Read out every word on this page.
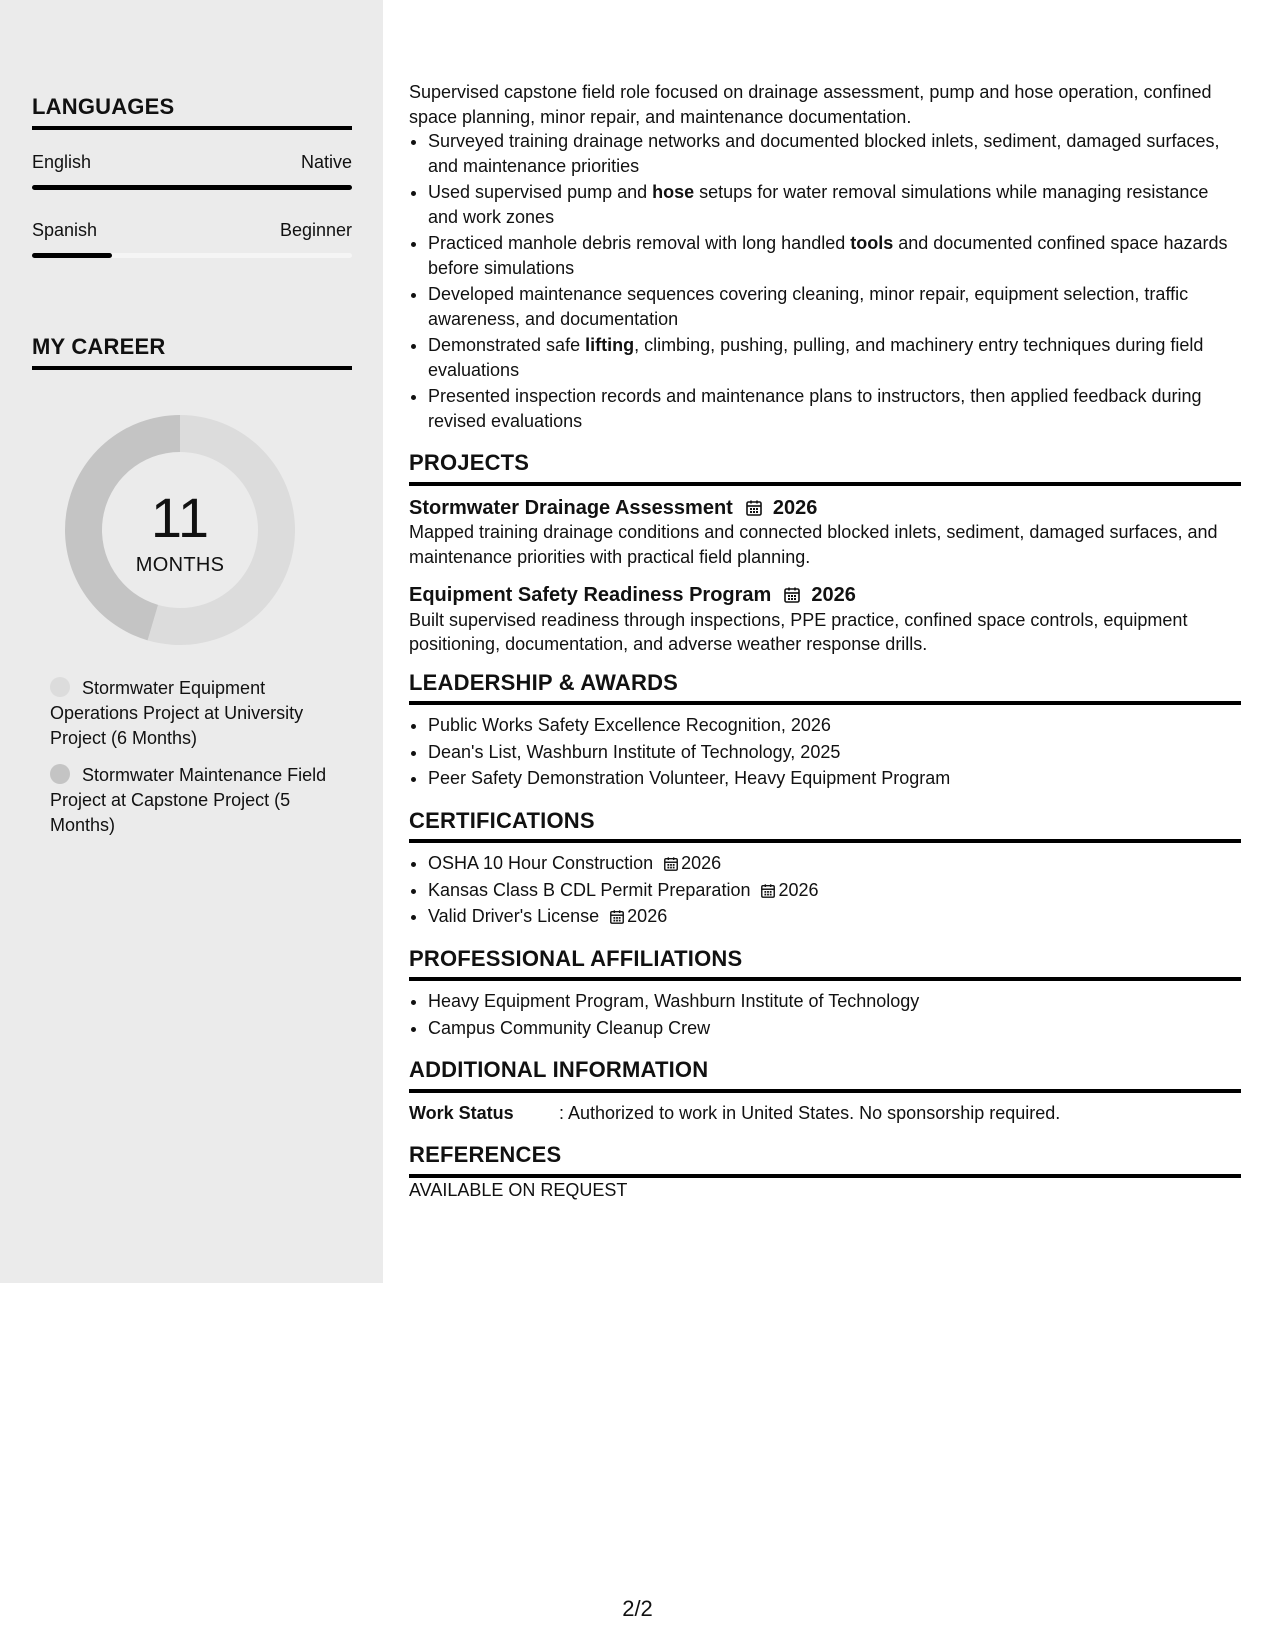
LANGUAGES
English	Native
Spanish	Beginner
MY CAREER
11
MONTHS
Stormwater Equipment Operations Project at University Project (6 Months)
Stormwater Maintenance Field Project at Capstone Project (5 Months)

Supervised capstone field role focused on drainage assessment, pump and hose operation, confined space planning, minor repair, and maintenance documentation.

• Surveyed training drainage networks and documented blocked inlets, sediment, damaged surfaces, and maintenance priorities
• Used supervised pump and hose setups for water removal simulations while managing resistance and work zones
• Practiced manhole debris removal with long handled tools and documented confined space hazards before simulations
• Developed maintenance sequences covering cleaning, minor repair, equipment selection, traffic awareness, and documentation
• Demonstrated safe lifting, climbing, pushing, pulling, and machinery entry techniques during field evaluations
• Presented inspection records and maintenance plans to instructors, then applied feedback during revised evaluations
PROJECTS
Stormwater Drainage Assessment 2026

Mapped training drainage conditions and connected blocked inlets, sediment, damaged surfaces, and maintenance priorities with practical field planning.

Equipment Safety Readiness Program 2026

Built supervised readiness through inspections, PPE practice, confined space controls, equipment positioning, documentation, and adverse weather response drills.

LEADERSHIP & AWARDS
• Public Works Safety Excellence Recognition, 2026
• Dean's List, Washburn Institute of Technology, 2025
• Peer Safety Demonstration Volunteer, Heavy Equipment Program
CERTIFICATIONS
• OSHA 10 Hour Construction 2026
• Kansas Class B CDL Permit Preparation 2026
• Valid Driver's License 2026
PROFESSIONAL AFFILIATIONS
• Heavy Equipment Program, Washburn Institute of Technology
• Campus Community Cleanup Crew
ADDITIONAL INFORMATION
Work Status	: Authorized to work in United States. No sponsorship required.
REFERENCES

AVAILABLE ON REQUEST

2/2
